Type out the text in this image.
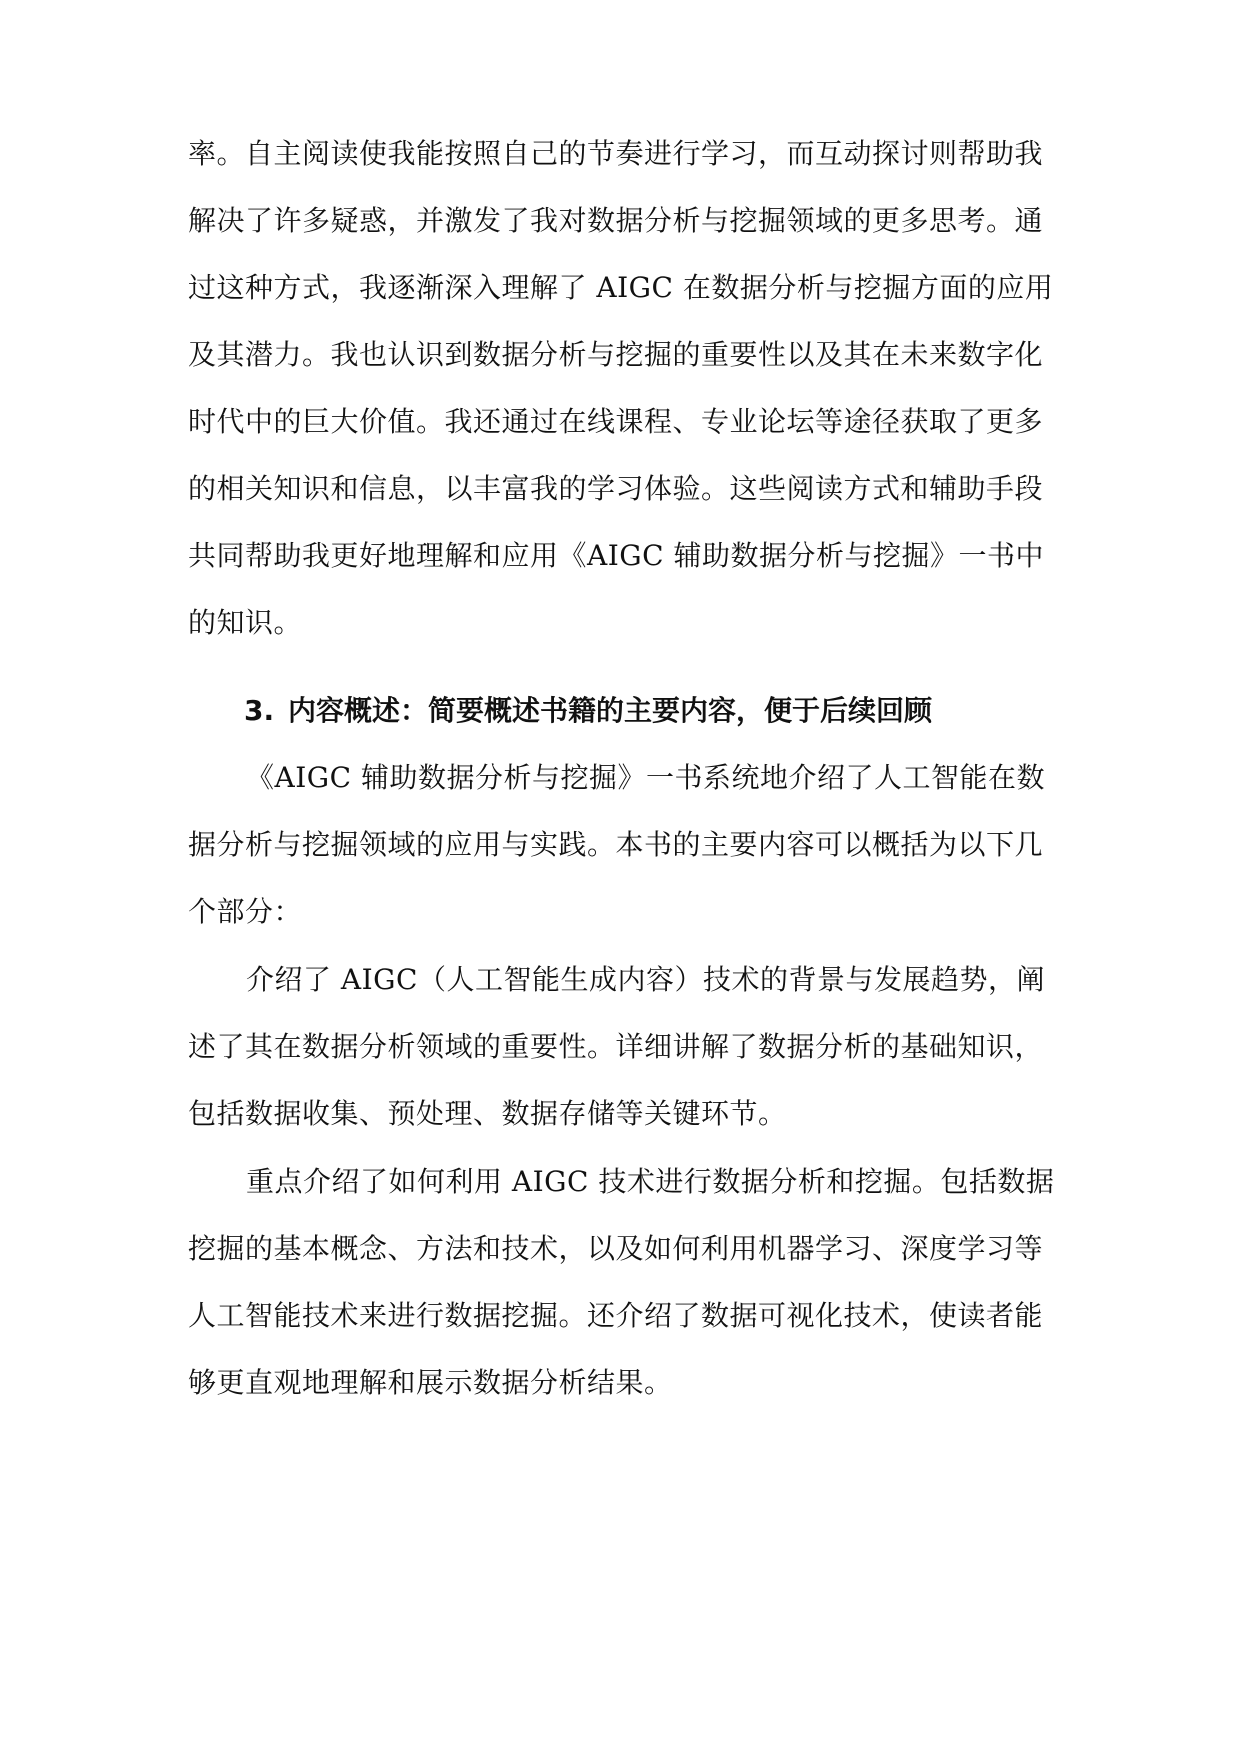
率。自主阅读使我能按照自己的节奏进行学习，而互动探讨则帮助我
解决了许多疑惑，并激发了我对数据分析与挖掘领域的更多思考。通
过这种方式，我逐渐深入理解了 AIGC 在数据分析与挖掘方面的应用
及其潜力。我也认识到数据分析与挖掘的重要性以及其在未来数字化
时代中的巨大价值。我还通过在线课程、专业论坛等途径获取了更多
的相关知识和信息，以丰富我的学习体验。这些阅读方式和辅助手段
共同帮助我更好地理解和应用《AIGC 辅助数据分析与挖掘》一书中
的知识。
3. 内容概述：简要概述书籍的主要内容，便于后续回顾
《AIGC 辅助数据分析与挖掘》一书系统地介绍了人工智能在数
据分析与挖掘领域的应用与实践。本书的主要内容可以概括为以下几
个部分：
介绍了 AIGC（人工智能生成内容）技术的背景与发展趋势，阐
述了其在数据分析领域的重要性。详细讲解了数据分析的基础知识，
包括数据收集、预处理、数据存储等关键环节。
重点介绍了如何利用 AIGC 技术进行数据分析和挖掘。包括数据
挖掘的基本概念、方法和技术，以及如何利用机器学习、深度学习等
人工智能技术来进行数据挖掘。还介绍了数据可视化技术，使读者能
够更直观地理解和展示数据分析结果。
